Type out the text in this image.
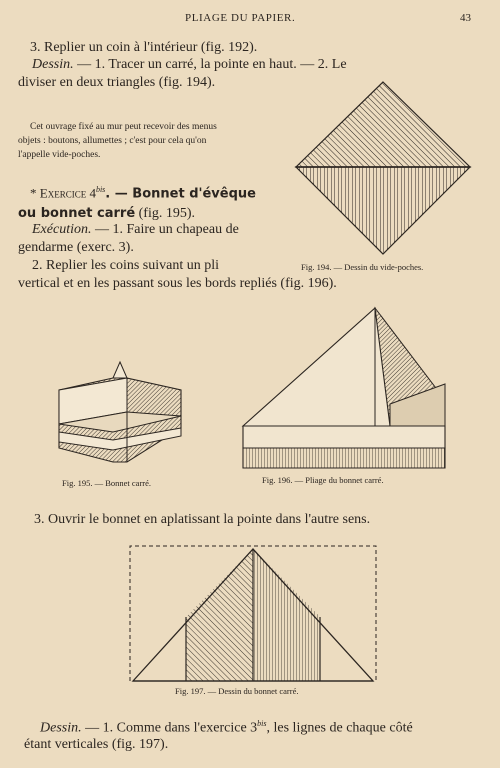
PLIAGE DU PAPIER.	43
3. Replier un coin à l'intérieur (fig. 192).
Dessin. — 1. Tracer un carré, la pointe en haut. — 2. Le
diviser en deux triangles (fig. 194).
Cet ouvrage fixé au mur peut recevoir des menus
objets : boutons, allumettes ; c'est pour cela qu'on
l'appelle vide-poches.
* Exercice $4^{bis}$. — Bonnet d'évêque
ou bonnet carré (fig. 195).
Exécution. — 1. Faire un chapeau de
gendarme (exerc. 3).
Fig. 194. — Dessin du vide-poches.
2. Replier les coins suivant un pli
vertical et en les passant sous les bords repliés (fig. 196).
Fig. 195. — Bonnet carré.	Fig. 196. — Pliage du bonnet carré.
3. Ouvrir le bonnet en aplatissant la pointe dans l'autre sens.
Fig. 197. — Dessin du bonnet carré.
Dessin. — 1. Comme dans l'exercice $3^{bis}$, les lignes de chaque côté
étant verticales (fig. 197).
